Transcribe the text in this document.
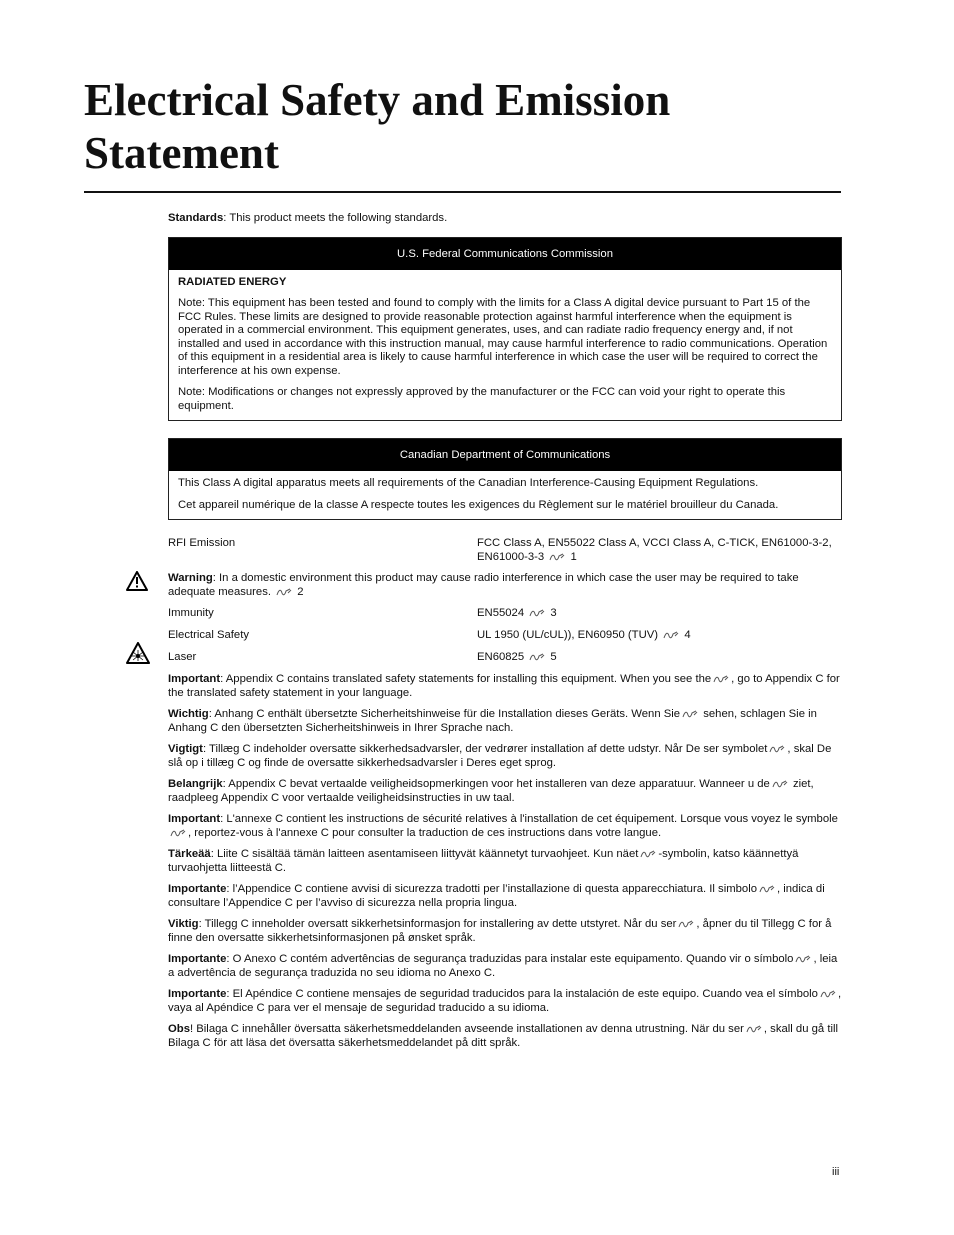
Electrical Safety and Emission
Statement

Standards: This product meets the following standards.

U.S. Federal Communications Commission

RADIATED ENERGY

Note: This equipment has been tested and found to comply with the limits for a Class A digital device pursuant to Part 15 of the FCC Rules. These limits are designed to provide reasonable protection against harmful interference when the equipment is operated in a commercial environment. This equipment generates, uses, and can radiate radio frequency energy and, if not installed and used in accordance with this instruction manual, may cause harmful interference to radio communications. Operation of this equipment in a residential area is likely to cause harmful interference in which case the user will be required to correct the interference at his own expense.

Note: Modifications or changes not expressly approved by the manufacturer or the FCC can void your right to operate this equipment.

Canadian Department of Communications

This Class A digital apparatus meets all requirements of the Canadian Interference-Causing Equipment Regulations.

Cet appareil numérique de la classe A respecte toutes les exigences du Règlement sur le matériel brouilleur du Canada.

RFI Emission	FCC Class A, EN55022 Class A, VCCI Class A, C-TICK, EN61000-3-2, EN61000-3-3 1
Warning: In a domestic environment this product may cause radio interference in which case the user may be required to take adequate measures. 2
Immunity	EN55024 3
Electrical Safety	UL 1950 (UL/cUL)), EN60950 (TUV) 4
Laser	EN60825 5

Important: Appendix C contains translated safety statements for installing this equipment. When you see the , go to Appendix C for the translated safety statement in your language.

Wichtig: Anhang C enthält übersetzte Sicherheitshinweise für die Installation dieses Geräts. Wenn Sie sehen, schlagen Sie in Anhang C den übersetzten Sicherheitshinweis in Ihrer Sprache nach.

Vigtigt: Tillæg C indeholder oversatte sikkerhedsadvarsler, der vedrører installation af dette udstyr. Når De ser symbolet , skal De slå op i tillæg C og finde de oversatte sikkerhedsadvarsler i Deres eget sprog.

Belangrijk: Appendix C bevat vertaalde veiligheidsopmerkingen voor het installeren van deze apparatuur. Wanneer u de ziet, raadpleeg Appendix C voor vertaalde veiligheidsinstructies in uw taal.

Important: L'annexe C contient les instructions de sécurité relatives à l'installation de cet équipement. Lorsque vous voyez le symbole, reportez-vous à l'annexe C pour consulter la traduction de ces instructions dans votre langue.

Tärkeää: Liite C sisältää tämän laitteen asentamiseen liittyvät käännetyt turvaohjeet. Kun näet -symbolin, katso käännettyä turvaohjetta liitteestä C.

Importante: l’Appendice C contiene avvisi di sicurezza tradotti per l’installazione di questa apparecchiatura. Il simbolo , indica di consultare l’Appendice C per l’avviso di sicurezza nella propria lingua.

Viktig: Tillegg C inneholder oversatt sikkerhetsinformasjon for installering av dette utstyret. Når du ser , åpner du til Tillegg C for å finne den oversatte sikkerhetsinformasjonen på ønsket språk.

Importante: O Anexo C contém advertências de segurança traduzidas para instalar este equipamento. Quando vir o símbolo , leia a advertência de segurança traduzida no seu idioma no Anexo C.

Importante: El Apéndice C contiene mensajes de seguridad traducidos para la instalación de este equipo. Cuando vea el símbolo , vaya al Apéndice C para ver el mensaje de seguridad traducido a su idioma.

Obs! Bilaga C innehåller översatta säkerhetsmeddelanden avseende installationen av denna utrustning. När du ser , skall du gå till Bilaga C för att läsa det översatta säkerhetsmeddelandet på ditt språk.

iii
